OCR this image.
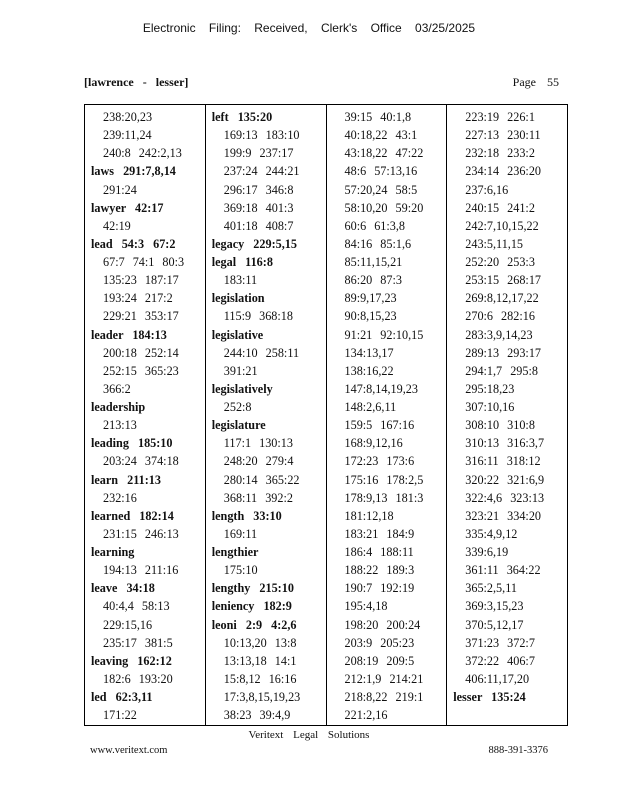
Electronic Filing: Received, Clerk's Office 03/25/2025
[lawrence - lesser]	Page 55
238:20,23
239:11,24
240:8 242:2,13
laws 291:7,8,14
291:24
lawyer 42:17
42:19
lead 54:3 67:2
67:7 74:1 80:3
135:23 187:17
193:24 217:2
229:21 353:17
leader 184:13
200:18 252:14
252:15 365:23
366:2
leadership
213:13
leading 185:10
203:24 374:18
learn 211:13
232:16
learned 182:14
231:15 246:13
learning
194:13 211:16
leave 34:18
40:4,4 58:13
229:15,16
235:17 381:5
leaving 162:12
182:6 193:20
led 62:3,11
171:22
left 135:20
169:13 183:10
199:9 237:17
237:24 244:21
296:17 346:8
369:18 401:3
401:18 408:7
legacy 229:5,15
legal 116:8
183:11
legislation
115:9 368:18
legislative
244:10 258:11
391:21
legislatively
252:8
legislature
117:1 130:13
248:20 279:4
280:14 365:22
368:11 392:2
length 33:10
169:11
lengthier
175:10
lengthy 215:10
leniency 182:9
leoni 2:9 4:2,6
10:13,20 13:8
13:13,18 14:1
15:8,12 16:16
17:3,8,15,19,23
38:23 39:4,9
39:15 40:1,8
40:18,22 43:1
43:18,22 47:22
48:6 57:13,16
57:20,24 58:5
58:10,20 59:20
60:6 61:3,8
84:16 85:1,6
85:11,15,21
86:20 87:3
89:9,17,23
90:8,15,23
91:21 92:10,15
134:13,17
138:16,22
147:8,14,19,23
148:2,6,11
159:5 167:16
168:9,12,16
172:23 173:6
175:16 178:2,5
178:9,13 181:3
181:12,18
183:21 184:9
186:4 188:11
188:22 189:3
190:7 192:19
195:4,18
198:20 200:24
203:9 205:23
208:19 209:5
212:1,9 214:21
218:8,22 219:1
221:2,16
223:19 226:1
227:13 230:11
232:18 233:2
234:14 236:20
237:6,16
240:15 241:2
242:7,10,15,22
243:5,11,15
252:20 253:3
253:15 268:17
269:8,12,17,22
270:6 282:16
283:3,9,14,23
289:13 293:17
294:1,7 295:8
295:18,23
307:10,16
308:10 310:8
310:13 316:3,7
316:11 318:12
320:22 321:6,9
322:4,6 323:13
323:21 334:20
335:4,9,12
339:6,19
361:11 364:22
365:2,5,11
369:3,15,23
370:5,12,17
371:23 372:7
372:22 406:7
406:11,17,20
lesser 135:24
Veritext Legal Solutions
www.veritext.com	888-391-3376
